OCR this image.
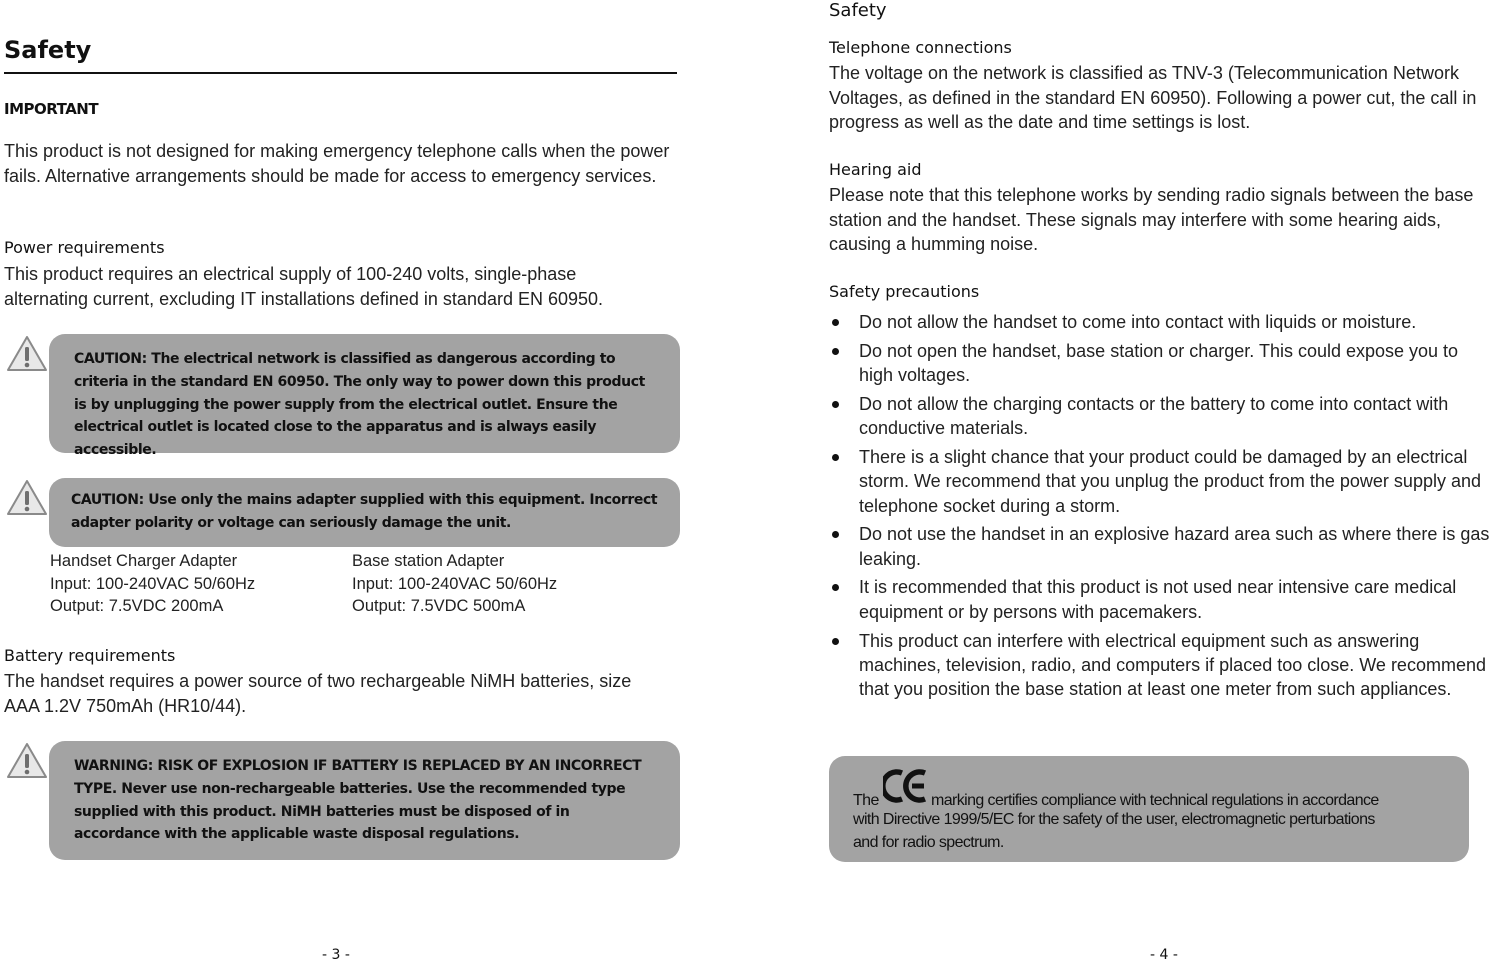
Safety
IMPORTANT
This product is not designed for making emergency telephone calls when the power fails. Alternative arrangements should be made for access to emergency services.
Power requirements
This product requires an electrical supply of 100-240 volts, single-phase alternating current, excluding IT installations defined in standard EN 60950.
CAUTION: The electrical network is classified as dangerous according to criteria in the standard EN 60950. The only way to power down this product is by unplugging the power supply from the electrical outlet. Ensure the electrical outlet is located close to the apparatus and is always easily accessible.
CAUTION: Use only the mains adapter supplied with this equipment. Incorrect adapter polarity or voltage can seriously damage the unit.
Handset Charger Adapter
Input: 100-240VAC 50/60Hz
Output: 7.5VDC 200mA
Base station Adapter
Input: 100-240VAC 50/60Hz
Output: 7.5VDC 500mA
Battery requirements
The handset requires a power source of two rechargeable NiMH batteries, size AAA 1.2V 750mAh (HR10/44).
WARNING: RISK OF EXPLOSION IF BATTERY IS REPLACED BY AN INCORRECT TYPE. Never use non-rechargeable batteries. Use the recommended type supplied with this product. NiMH batteries must be disposed of in accordance with the applicable waste disposal regulations.
- 3 -
Safety
Telephone connections
The voltage on the network is classified as TNV-3 (Telecommunication Network Voltages, as defined in the standard EN 60950). Following a power cut, the call in progress as well as the date and time settings is lost.
Hearing aid
Please note that this telephone works by sending radio signals between the base station and the handset. These signals may interfere with some hearing aids, causing a humming noise.
Safety precautions
Do not allow the handset to come into contact with liquids or moisture.
Do not open the handset, base station or charger. This could expose you to high voltages.
Do not allow the charging contacts or the battery to come into contact with conductive materials.
There is a slight chance that your product could be damaged by an electrical storm. We recommend that you unplug the product from the power supply and telephone socket during a storm.
Do not use the handset in an explosive hazard area such as where there is gas leaking.
It is recommended that this product is not used near intensive care medical equipment or by persons with pacemakers.
This product can interfere with electrical equipment such as answering machines, television, radio, and computers if placed too close. We recommend that you position the base station at least one meter from such appliances.
The	marking certifies compliance with technical regulations in accordance
with Directive 1999/5/EC for the safety of the user, electromagnetic perturbations
and for radio spectrum.
- 4 -
